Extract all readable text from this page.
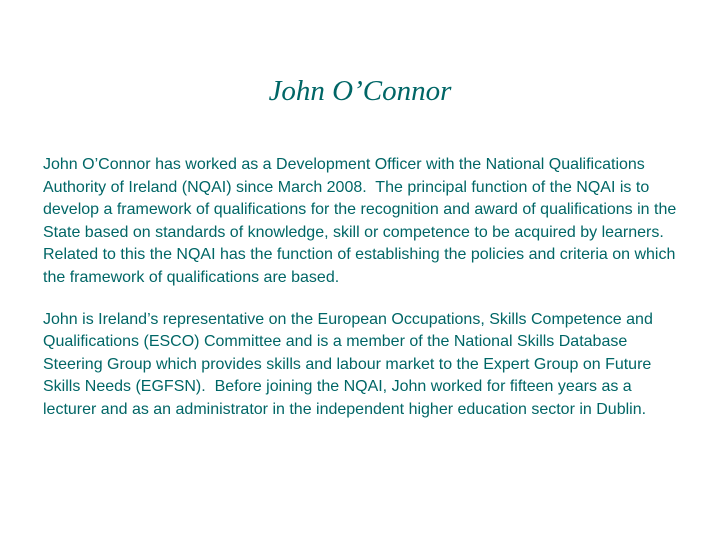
John O’Connor

John O’Connor has worked as a Development Officer with the National Qualifications Authority of Ireland (NQAI) since March 2008.  The principal function of the NQAI is to develop a framework of qualifications for the recognition and award of qualifications in the State based on standards of knowledge, skill or competence to be acquired by learners.  Related to this the NQAI has the function of establishing the policies and criteria on which the framework of qualifications are based.

John is Ireland’s representative on the European Occupations, Skills Competence and Qualifications (ESCO) Committee and is a member of the National Skills Database Steering Group which provides skills and labour market to the Expert Group on Future Skills Needs (EGFSN).  Before joining the NQAI, John worked for fifteen years as a lecturer and as an administrator in the independent higher education sector in Dublin.
